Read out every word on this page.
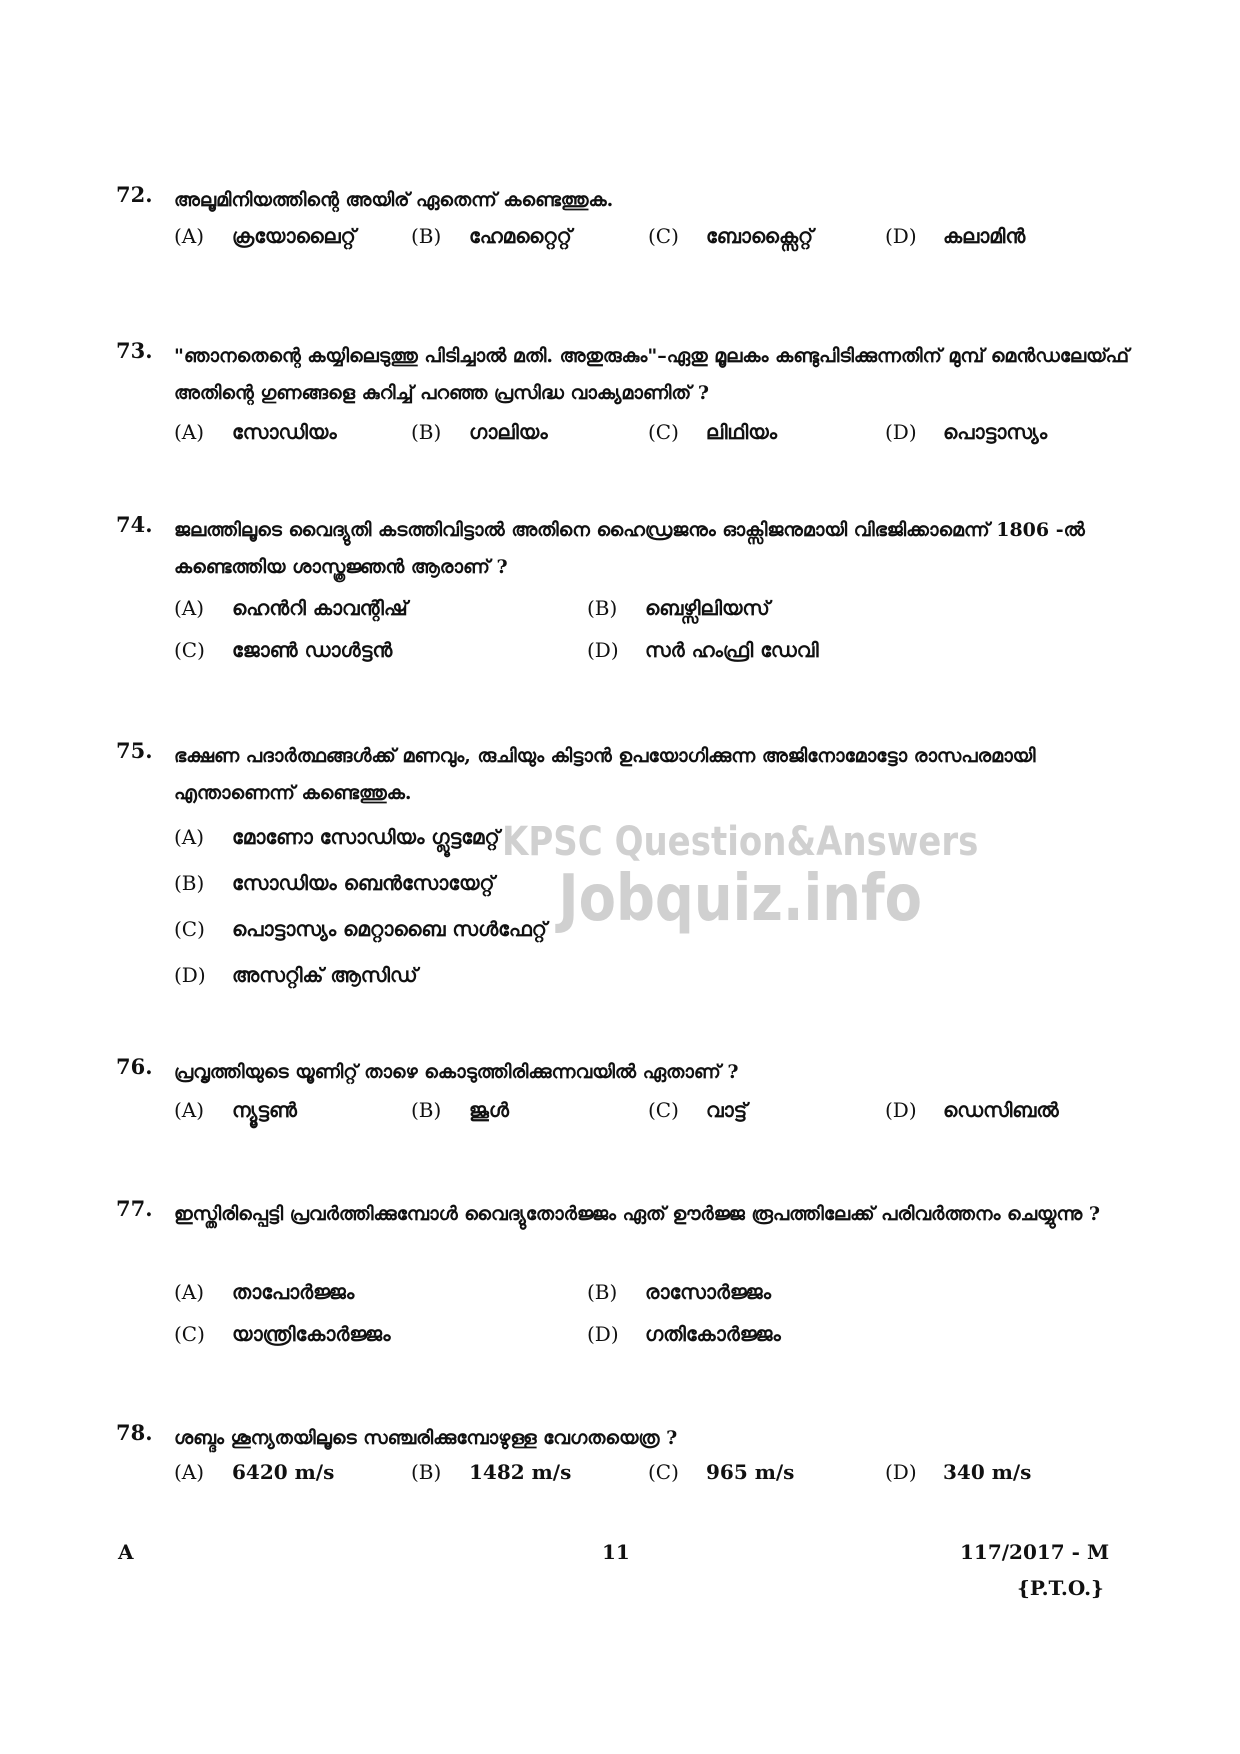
72. അലൂമിനിയത്തിന്റെ അയിര് ഏതെന്ന് കണ്ടെത്തുക.
(A)	ക്രയോലൈറ്റ്	(B)	ഹേമറ്റൈറ്റ്	(C)	ബോക്സൈറ്റ്	(D)	കലാമിൻ
73. "ഞാനതെന്റെ കയ്യിലെടുത്തു പിടിച്ചാൽ മതി. അതുരുകും"–ഏതു മൂലകം കണ്ടുപിടിക്കുന്നതിന് മുമ്പ് മെൻഡലേയ്ഫ് അതിന്റെ ഗുണങ്ങളെ കുറിച്ച് പറഞ്ഞ പ്രസിദ്ധ വാക്യമാണിത് ?
(A)	സോഡിയം	(B)	ഗാലിയം	(C)	ലിഥിയം	(D)	പൊട്ടാസ്യം
74. ജലത്തിലൂടെ വൈദ്യുതി കടത്തിവിട്ടാൽ അതിനെ ഹൈഡ്രജനും ഓക്സിജനുമായി വിഭജിക്കാമെന്ന് 1806 -ൽ കണ്ടെത്തിയ ശാസ്ത്രജ്ഞൻ ആരാണ് ?
(A)	ഹെൻറി കാവന്റിഷ്	(B)	ബെഴ്സിലിയസ്
(C)	ജോൺ ഡാൾട്ടൻ	(D)	സർ ഹംഫ്രി ഡേവി
75. ഭക്ഷണ പദാർത്ഥങ്ങൾക്ക് മണവും, രുചിയും കിട്ടാൻ ഉപയോഗിക്കുന്ന അജിനോമോട്ടോ രാസപരമായി എന്താണെന്ന് കണ്ടെത്തുക.
(A)	മോണോ സോഡിയം ഗ്ലൂട്ടമേറ്റ്
(B)	സോഡിയം ബെൻസോയേറ്റ്
(C)	പൊട്ടാസ്യം മെറ്റാബൈ സൾഫേറ്റ്
(D)	അസറ്റിക് ആസിഡ്
KPSC Question&Answers
Jobquiz.info
76. പ്രവൃത്തിയുടെ യൂണിറ്റ് താഴെ കൊടുത്തിരിക്കുന്നവയിൽ ഏതാണ് ?
(A)	ന്യൂട്ടൺ	(B)	ജൂൾ	(C)	വാട്ട്	(D)	ഡെസിബൽ
77. ഇസ്തിരിപ്പെട്ടി പ്രവർത്തിക്കുമ്പോൾ വൈദ്യുതോർജ്ജം ഏത് ഊർജ്ജ രൂപത്തിലേക്ക് പരിവർത്തനം ചെയ്യുന്നു ?
(A)	താപോർജ്ജം	(B)	രാസോർജ്ജം
(C)	യാന്ത്രികോർജ്ജം	(D)	ഗതികോർജ്ജം
78. ശബ്ദം ശൂന്യതയിലൂടെ സഞ്ചരിക്കുമ്പോഴുള്ള വേഗതയെത്ര ?
(A)	6420 m/s	(B)	1482 m/s	(C)	965 m/s	(D)	340 m/s
A	11	117/2017 - M
{P.T.O.}
